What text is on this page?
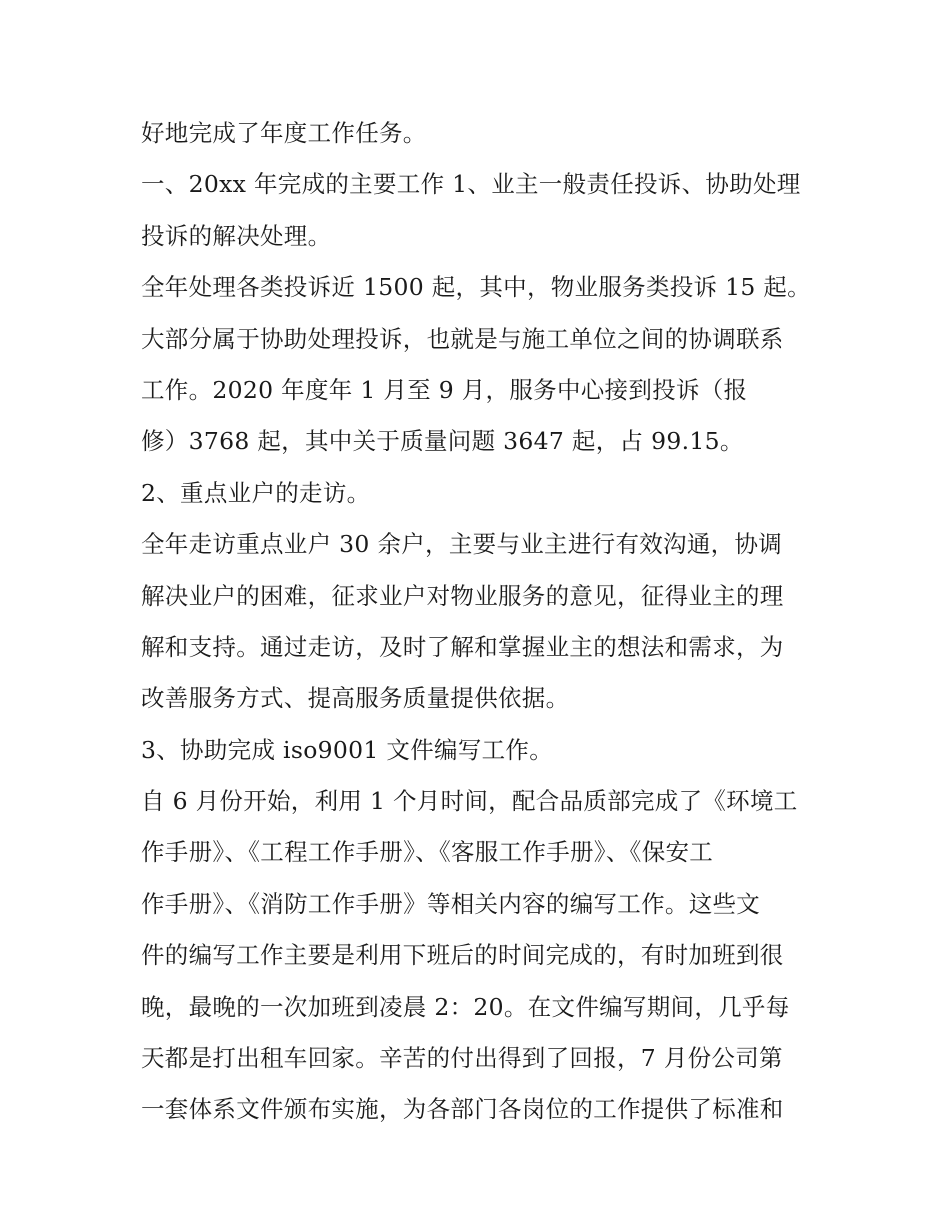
好地完成了年度工作任务。
一、20xx 年完成的主要工作 1、业主一般责任投诉、协助处理
投诉的解决处理。
全年处理各类投诉近 1500 起，其中，物业服务类投诉 15 起。
大部分属于协助处理投诉，也就是与施工单位之间的协调联系
工作。2020 年度年 1 月至 9 月，服务中心接到投诉（报
修）3768 起，其中关于质量问题 3647 起，占 99.15。
2、重点业户的走访。
全年走访重点业户 30 余户，主要与业主进行有效沟通，协调
解决业户的困难，征求业户对物业服务的意见，征得业主的理
解和支持。通过走访，及时了解和掌握业主的想法和需求，为
改善服务方式、提高服务质量提供依据。
3、协助完成 iso9001 文件编写工作。
自 6 月份开始，利用 1 个月时间，配合品质部完成了《环境工
作手册》、《工程工作手册》、《客服工作手册》、《保安工
作手册》、《消防工作手册》等相关内容的编写工作。这些文
件的编写工作主要是利用下班后的时间完成的，有时加班到很
晚，最晚的一次加班到凌晨 2：20。在文件编写期间，几乎每
天都是打出租车回家。辛苦的付出得到了回报，7 月份公司第
一套体系文件颁布实施，为各部门各岗位的工作提供了标准和
